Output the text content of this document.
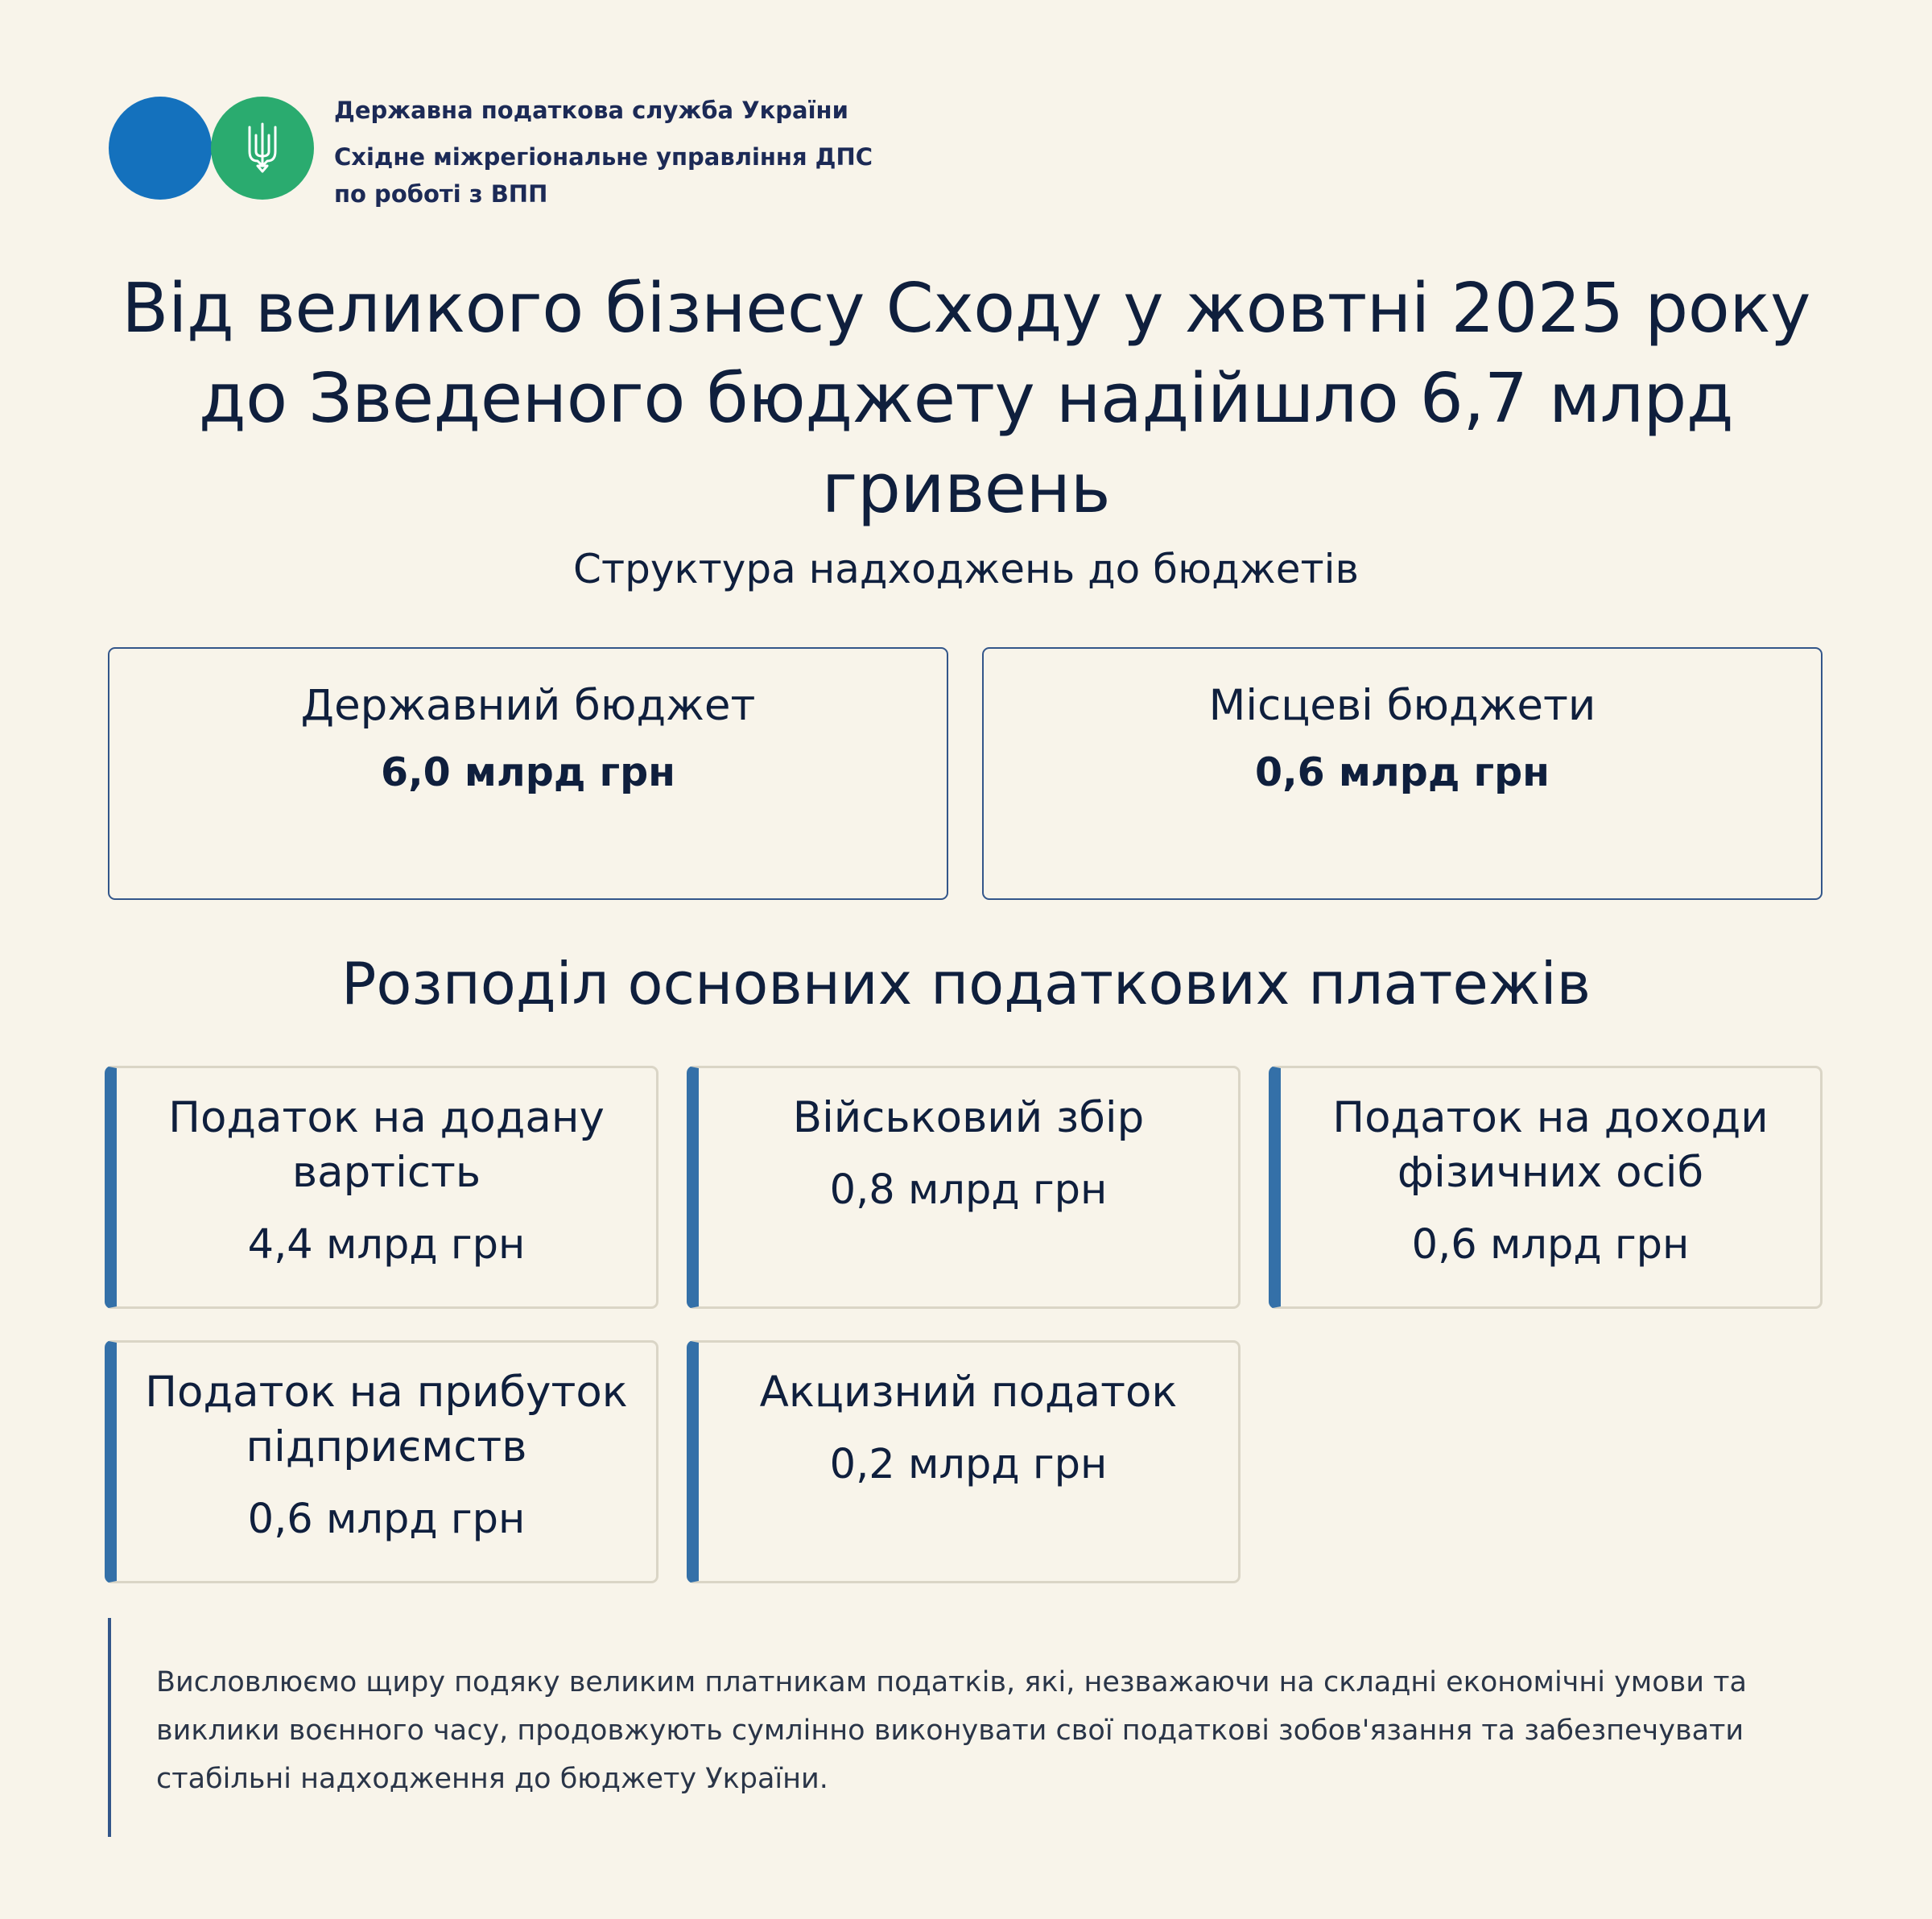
Державна податкова служба України
Східне міжрегіональне управління ДПС по роботі з ВПП
Від великого бізнесу Сходу у жовтні 2025 року до Зведеного бюджету надійшло 6,7 млрд гривень
Структура надходжень до бюджетів
Державний бюджет
6,0 млрд грн
Місцеві бюджети
0,6 млрд грн
Розподіл основних податкових платежів
Податок на додану вартість
4,4 млрд грн
Військовий збір
0,8 млрд грн
Податок на доходи фізичних осіб
0,6 млрд грн
Податок на прибуток підприємств
0,6 млрд грн
Акцизний податок
0,2 млрд грн
Висловлюємо щиру подяку великим платникам податків, які, незважаючи на складні економічні умови та виклики воєнного часу, продовжують сумлінно виконувати свої податкові зобов'язання та забезпечувати стабільні надходження до бюджету України.
